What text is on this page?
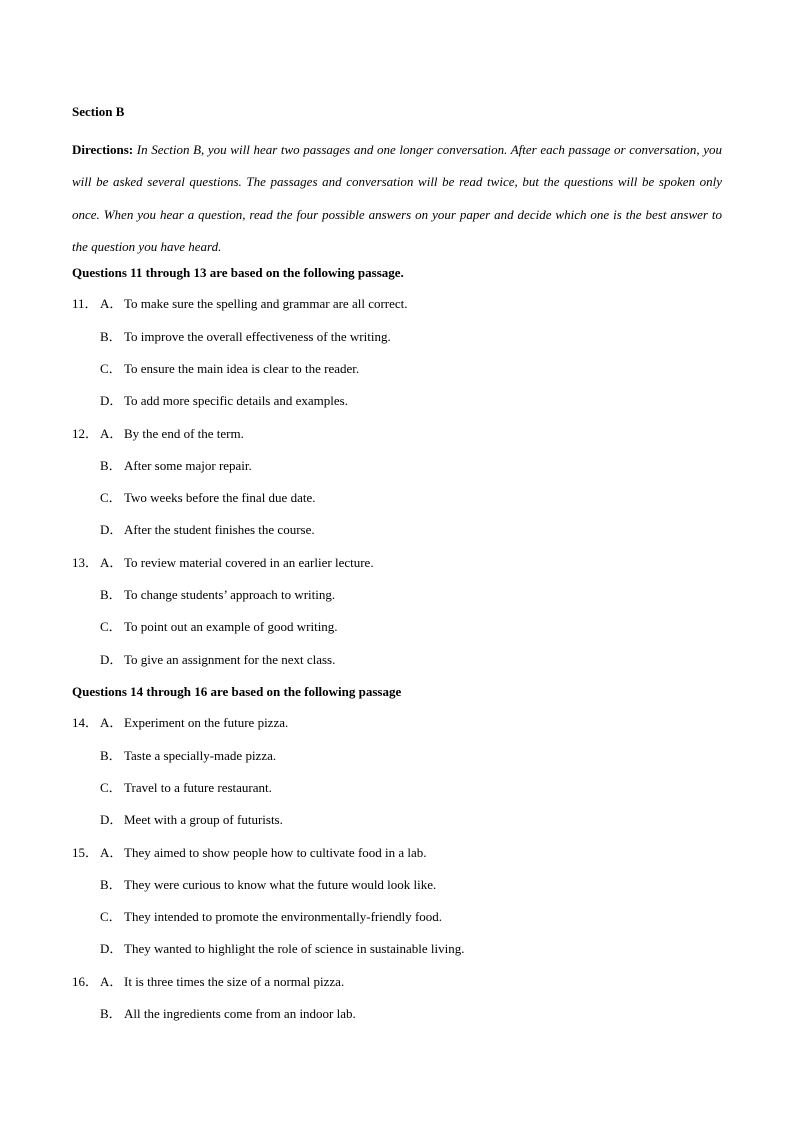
Section B
Directions: In Section B, you will hear two passages and one longer conversation. After each passage or conversation, you will be asked several questions. The passages and conversation will be read twice, but the questions will be spoken only once. When you hear a question, read the four possible answers on your paper and decide which one is the best answer to the question you have heard.
Questions 11 through 13 are based on the following passage.
11． A． To make sure the spelling and grammar are all correct.
B． To improve the overall effectiveness of the writing.
C． To ensure the main idea is clear to the reader.
D． To add more specific details and examples.
12． A． By the end of the term.
B． After some major repair.
C． Two weeks before the final due date.
D． After the student finishes the course.
13． A． To review material covered in an earlier lecture.
B． To change students’ approach to writing.
C． To point out an example of good writing.
D． To give an assignment for the next class.
Questions 14 through 16 are based on the following passage
14． A． Experiment on the future pizza.
B． Taste a specially-made pizza.
C． Travel to a future restaurant.
D． Meet with a group of futurists.
15． A． They aimed to show people how to cultivate food in a lab.
B． They were curious to know what the future would look like.
C． They intended to promote the environmentally-friendly food.
D． They wanted to highlight the role of science in sustainable living.
16． A． It is three times the size of a normal pizza.
B． All the ingredients come from an indoor lab.
